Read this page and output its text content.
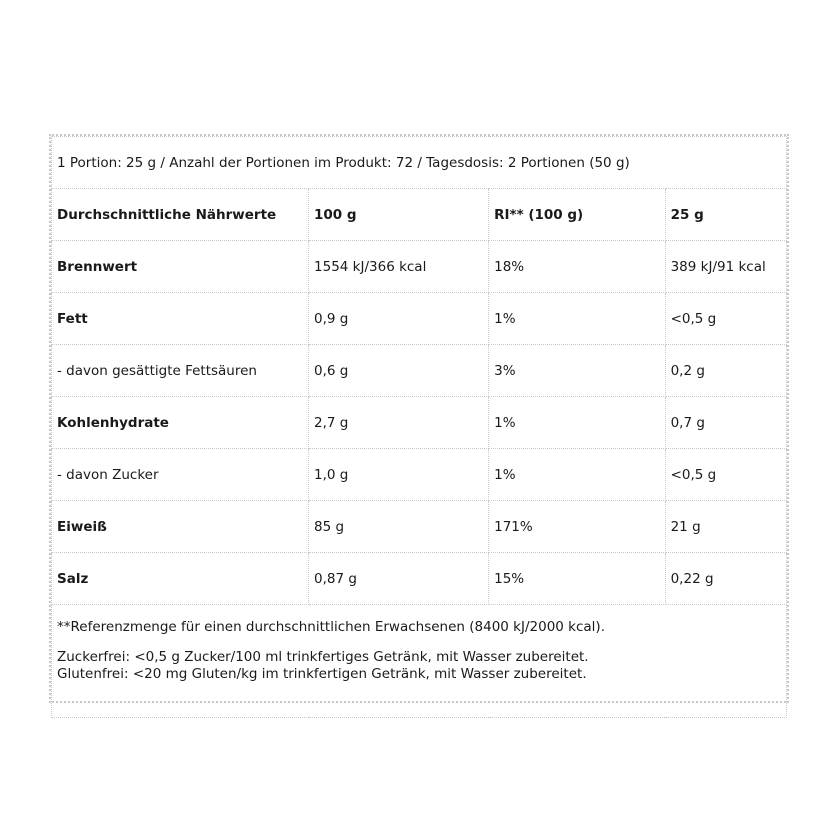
1 Portion: 25 g / Anzahl der Portionen im Produkt: 72 / Tagesdosis: 2 Portionen (50 g)			
Durchschnittliche Nährwerte	100 g	RI** (100 g)	25 g
Brennwert	1554 kJ/366 kcal	18%	389 kJ/91 kcal
Fett	0,9 g	1%	<0,5 g
- davon gesättigte Fettsäuren	0,6 g	3%	0,2 g
Kohlenhydrate	2,7 g	1%	0,7 g
- davon Zucker	1,0 g	1%	<0,5 g
Eiweiß	85 g	171%	21 g
Salz	0,87 g	15%	0,22 g

**Referenzmenge für einen durchschnittlichen Erwachsenen (8400 kJ/2000 kcal).
Zuckerfrei: <0,5 g Zucker/100 ml trinkfertiges Getränk, mit Wasser zubereitet.
Glutenfrei: <20 mg Gluten/kg im trinkfertigen Getränk, mit Wasser zubereitet.			
